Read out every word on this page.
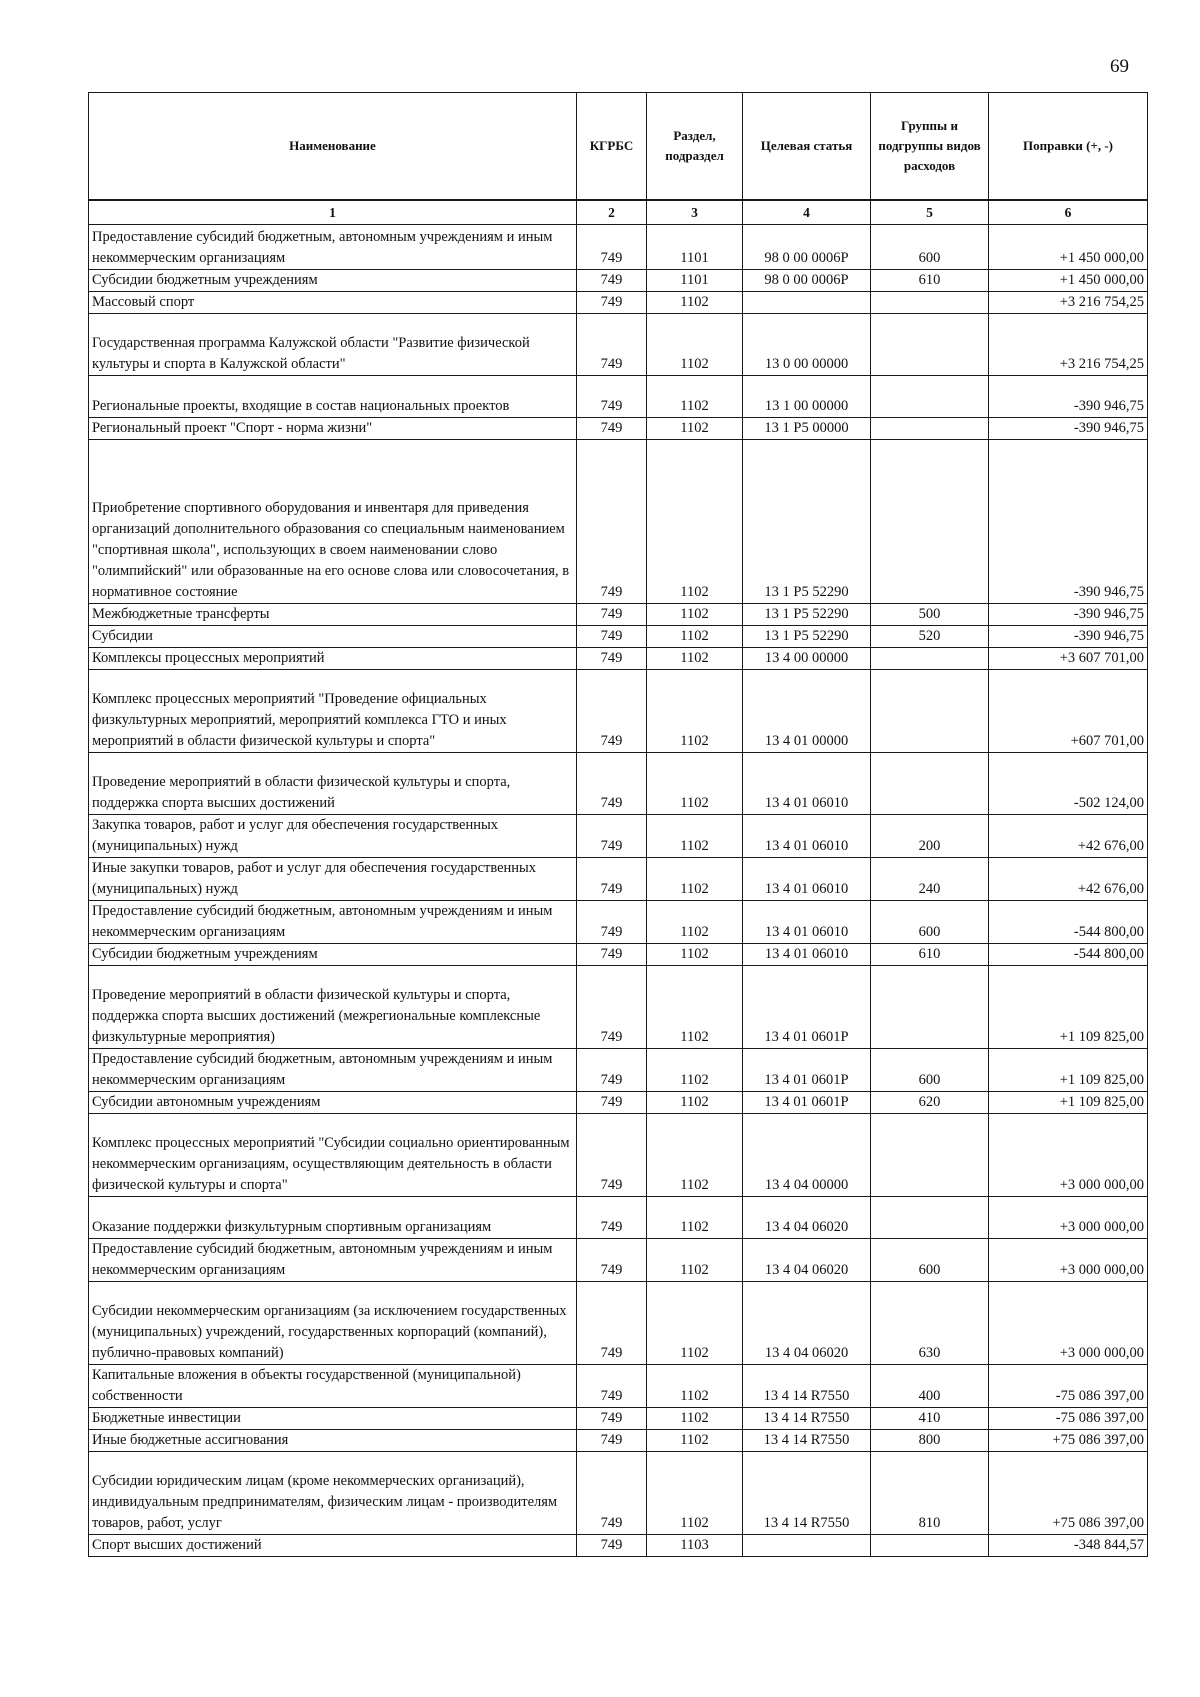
69
Наименование	КГРБС	Раздел, подраздел	Целевая статья	Группы и подгруппы видов расходов	Поправки (+, -)
1	2	3	4	5	6
Предоставление субсидий бюджетным, автономным учреждениям и иным некоммерческим организациям	749	1101	98 0 00 0006P	600	+1 450 000,00
Субсидии бюджетным учреждениям	749	1101	98 0 00 0006P	610	+1 450 000,00
Массовый спорт	749	1102			+3 216 754,25
Государственная программа Калужской области "Развитие физической культуры и спорта в Калужской области"	749	1102	13 0 00 00000		+3 216 754,25
Региональные проекты, входящие в состав национальных проектов	749	1102	13 1 00 00000		-390 946,75
Региональный проект "Спорт - норма жизни"	749	1102	13 1 P5 00000		-390 946,75
Приобретение спортивного оборудования и инвентаря для приведения организаций дополнительного образования со специальным наименованием "спортивная школа", использующих в своем наименовании слово "олимпийский" или образованные на его основе слова или словосочетания, в нормативное состояние	749	1102	13 1 P5 52290		-390 946,75
Межбюджетные трансферты	749	1102	13 1 P5 52290	500	-390 946,75
Субсидии	749	1102	13 1 P5 52290	520	-390 946,75
Комплексы процессных мероприятий	749	1102	13 4 00 00000		+3 607 701,00
Комплекс процессных мероприятий "Проведение официальных физкультурных мероприятий, мероприятий комплекса ГТО и иных мероприятий в области физической культуры и спорта"	749	1102	13 4 01 00000		+607 701,00
Проведение мероприятий в области физической культуры и спорта, поддержка спорта высших достижений	749	1102	13 4 01 06010		-502 124,00
Закупка товаров, работ и услуг для обеспечения государственных (муниципальных) нужд	749	1102	13 4 01 06010	200	+42 676,00
Иные закупки товаров, работ и услуг для обеспечения государственных (муниципальных) нужд	749	1102	13 4 01 06010	240	+42 676,00
Предоставление субсидий бюджетным, автономным учреждениям и иным некоммерческим организациям	749	1102	13 4 01 06010	600	-544 800,00
Субсидии бюджетным учреждениям	749	1102	13 4 01 06010	610	-544 800,00
Проведение мероприятий в области физической культуры и спорта, поддержка спорта высших достижений (межрегиональные комплексные физкультурные мероприятия)	749	1102	13 4 01 0601P		+1 109 825,00
Предоставление субсидий бюджетным, автономным учреждениям и иным некоммерческим организациям	749	1102	13 4 01 0601P	600	+1 109 825,00
Субсидии автономным учреждениям	749	1102	13 4 01 0601P	620	+1 109 825,00
Комплекс процессных мероприятий "Субсидии социально ориентированным некоммерческим организациям, осуществляющим деятельность в области физической культуры и спорта"	749	1102	13 4 04 00000		+3 000 000,00
Оказание поддержки физкультурным спортивным организациям	749	1102	13 4 04 06020		+3 000 000,00
Предоставление субсидий бюджетным, автономным учреждениям и иным некоммерческим организациям	749	1102	13 4 04 06020	600	+3 000 000,00
Субсидии некоммерческим организациям (за исключением государственных (муниципальных) учреждений, государственных корпораций (компаний), публично-правовых компаний)	749	1102	13 4 04 06020	630	+3 000 000,00
Капитальные вложения в объекты государственной (муниципальной) собственности	749	1102	13 4 14 R7550	400	-75 086 397,00
Бюджетные инвестиции	749	1102	13 4 14 R7550	410	-75 086 397,00
Иные бюджетные ассигнования	749	1102	13 4 14 R7550	800	+75 086 397,00
Субсидии юридическим лицам (кроме некоммерческих организаций), индивидуальным предпринимателям, физическим лицам - производителям товаров, работ, услуг	749	1102	13 4 14 R7550	810	+75 086 397,00
Спорт высших достижений	749	1103			-348 844,57
